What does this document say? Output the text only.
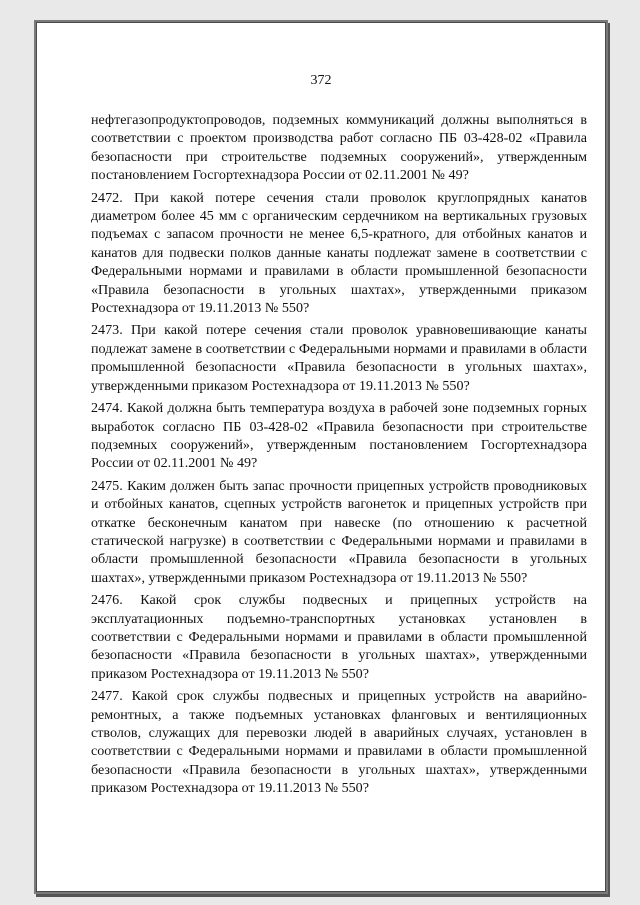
372

нефтегазопродуктопроводов, подземных коммуникаций должны выполняться в соответствии с проектом производства работ согласно ПБ 03-428-02 «Правила безопасности при строительстве подземных сооружений», утвержденным постановлением Госгортехнадзора России от 02.11.2001 № 49?

2472. При какой потере сечения стали проволок круглопрядных канатов диаметром более 45 мм с органическим сердечником на вертикальных грузовых подъемах с запасом прочности не менее 6,5-кратного, для отбойных канатов и канатов для подвески полков данные канаты подлежат замене в соответствии с Федеральными нормами и правилами в области промышленной безопасности «Правила безопасности в угольных шахтах», утвержденными приказом Ростехнадзора от 19.11.2013 № 550?

2473. При какой потере сечения стали проволок уравновешивающие канаты подлежат замене в соответствии с Федеральными нормами и правилами в области промышленной безопасности «Правила безопасности в угольных шахтах», утвержденными приказом Ростехнадзора от 19.11.2013 № 550?

2474. Какой должна быть температура воздуха в рабочей зоне подземных горных выработок согласно ПБ 03-428-02 «Правила безопасности при строительстве подземных сооружений», утвержденным постановлением Госгортехнадзора России от 02.11.2001 № 49?

2475. Каким должен быть запас прочности прицепных устройств проводниковых и отбойных канатов, сцепных устройств вагонеток и прицепных устройств при откатке бесконечным канатом при навеске (по отношению к расчетной статической нагрузке) в соответствии с Федеральными нормами и правилами в области промышленной безопасности «Правила безопасности в угольных шахтах», утвержденными приказом Ростехнадзора от 19.11.2013 № 550?

2476. Какой срок службы подвесных и прицепных устройств на эксплуатационных подъемно-транспортных установках установлен в соответствии с Федеральными нормами и правилами в области промышленной безопасности «Правила безопасности в угольных шахтах», утвержденными приказом Ростехнадзора от 19.11.2013 № 550?

2477. Какой срок службы подвесных и прицепных устройств на аварийно-ремонтных, а также подъемных установках фланговых и вентиляционных стволов, служащих для перевозки людей в аварийных случаях, установлен в соответствии с Федеральными нормами и правилами в области промышленной безопасности «Правила безопасности в угольных шахтах», утвержденными приказом Ростехнадзора от 19.11.2013 № 550?
